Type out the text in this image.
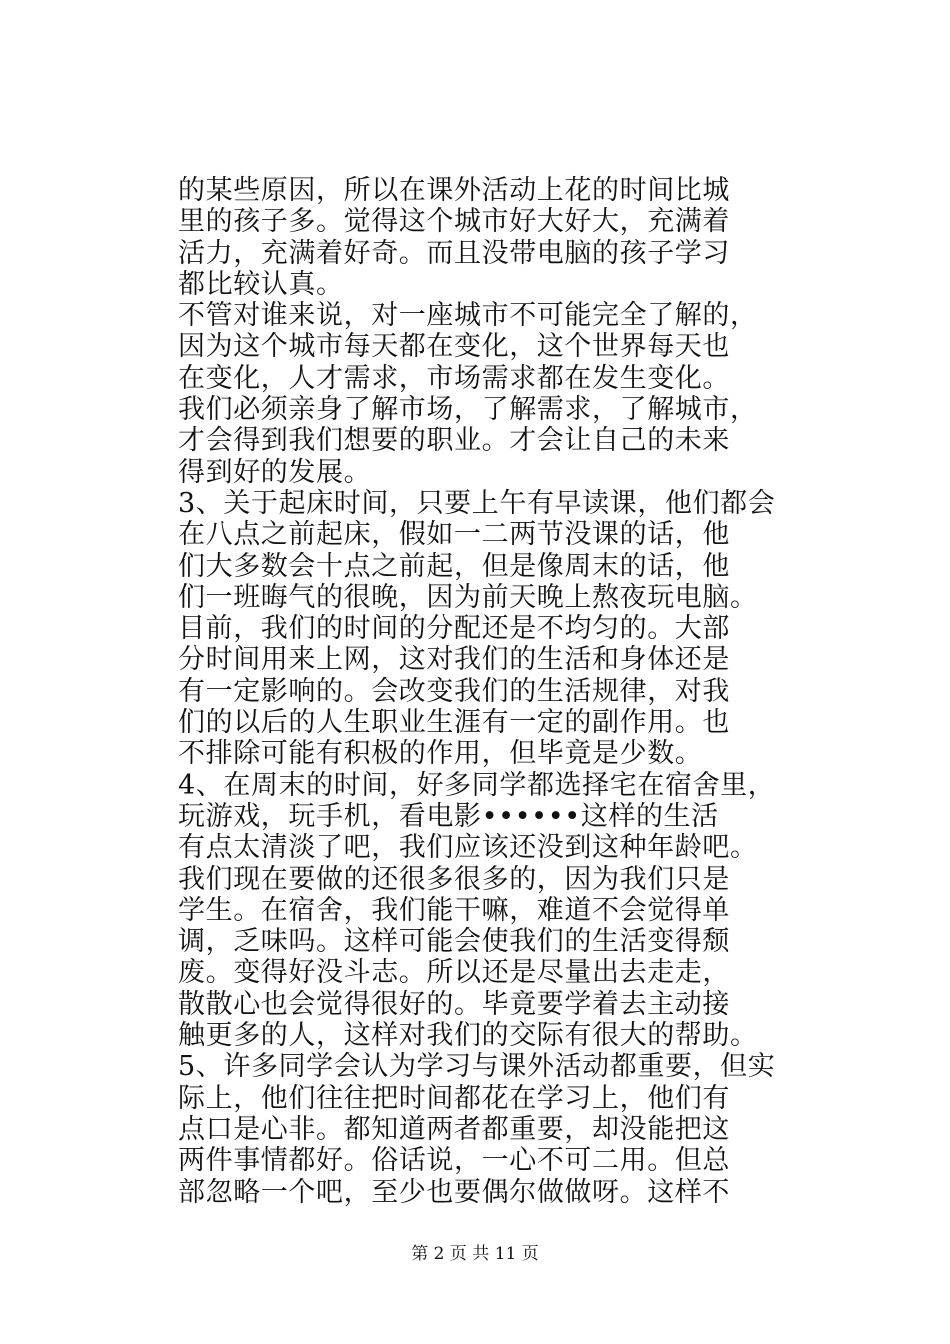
的某些原因，所以在课外活动上花的时间比城
里的孩子多。觉得这个城市好大好大，充满着
活力，充满着好奇。而且没带电脑的孩子学习
都比较认真。
不管对谁来说，对一座城市不可能完全了解的，
因为这个城市每天都在变化，这个世界每天也
在变化，人才需求，市场需求都在发生变化。
我们必须亲身了解市场，了解需求，了解城市，
才会得到我们想要的职业。才会让自己的未来
得到好的发展。
3、关于起床时间，只要上午有早读课，他们都会
在八点之前起床，假如一二两节没课的话，他
们大多数会十点之前起，但是像周末的话，他
们一班晦气的很晚，因为前天晚上熬夜玩电脑。
目前，我们的时间的分配还是不均匀的。大部
分时间用来上网，这对我们的生活和身体还是
有一定影响的。会改变我们的生活规律，对我
们的以后的人生职业生涯有一定的副作用。也
不排除可能有积极的作用，但毕竟是少数。
4、在周末的时间，好多同学都选择宅在宿舍里，
玩游戏，玩手机，看电影••••••这样的生活
有点太清淡了吧，我们应该还没到这种年龄吧。
我们现在要做的还很多很多的，因为我们只是
学生。在宿舍，我们能干嘛，难道不会觉得单
调，乏味吗。这样可能会使我们的生活变得颓
废。变得好没斗志。所以还是尽量出去走走，
散散心也会觉得很好的。毕竟要学着去主动接
触更多的人，这样对我们的交际有很大的帮助。
5、许多同学会认为学习与课外活动都重要，但实
际上，他们往往把时间都花在学习上，他们有
点口是心非。都知道两者都重要，却没能把这
两件事情都好。俗话说，一心不可二用。但总
部忽略一个吧，至少也要偶尔做做呀。这样不
第 2 页 共 11 页
